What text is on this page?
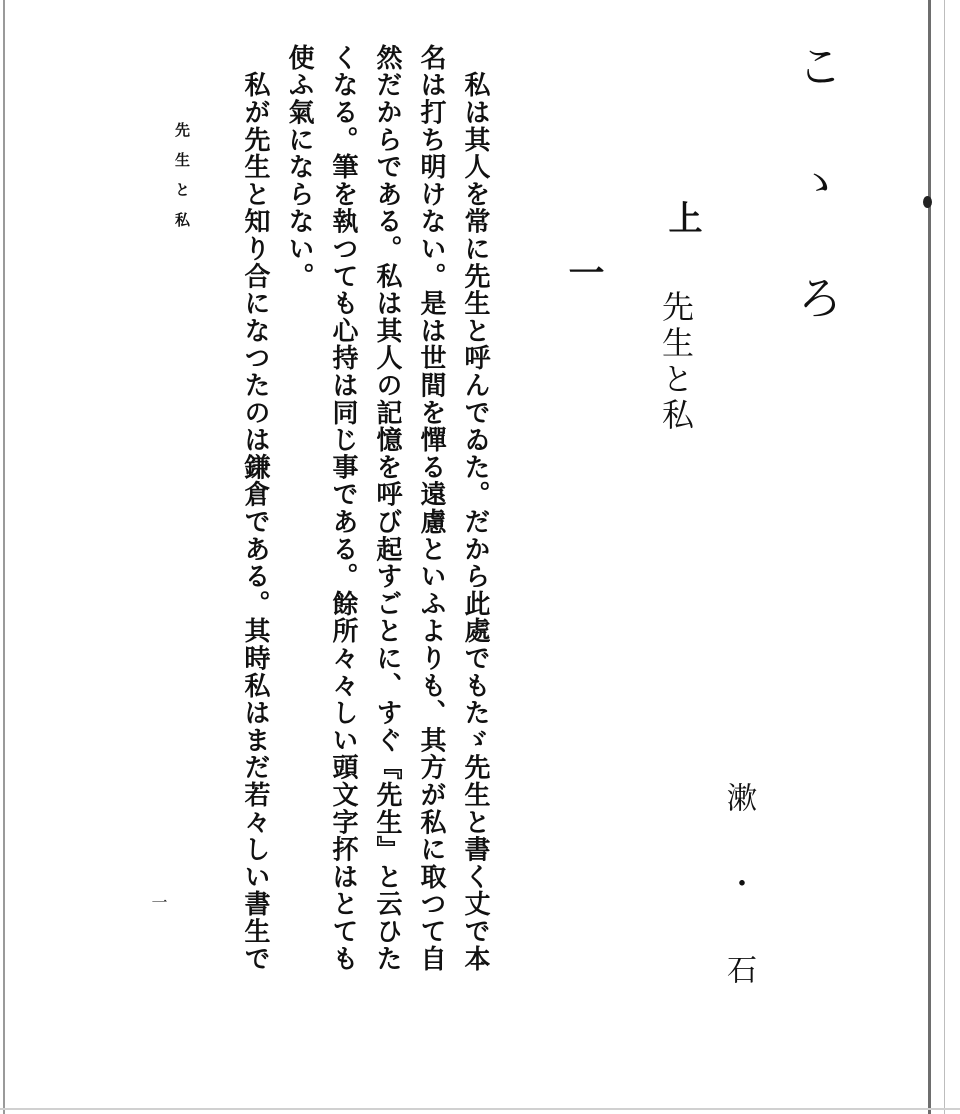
こゝろ
上
先生と私
漱・石
一
　私は其人を常に先生と呼んでゐた。だから此處でもたゞ先生と書く丈で本
名は打ち明けない。是は世間を憚る遠慮といふよりも、其方が私に取つて自
然だからである。私は其人の記憶を呼び起すごとに、すぐ『先生』と云ひた
くなる。筆を執つても心持は同じ事である。餘所々々しい頭文字抔はとても
使ふ氣にならない。
　私が先生と知り合になつたのは鎌倉である。其時私はまだ若々しい書生で
先生と私
一
